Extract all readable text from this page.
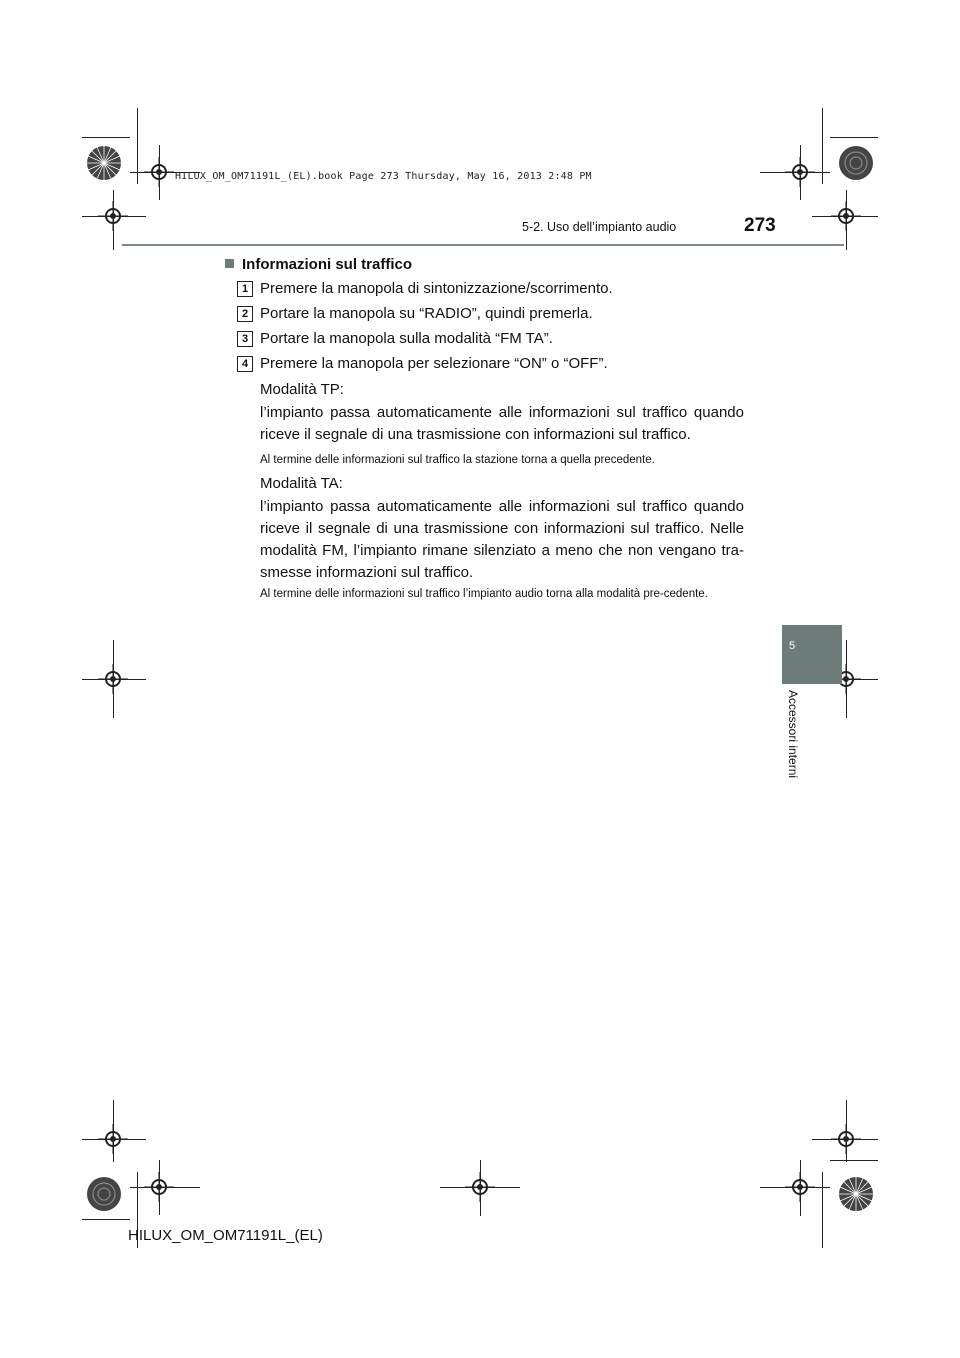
HILUX_OM_OM71191L_(EL).book Page 273 Thursday, May 16, 2013 2:48 PM
5-2. Uso dell’impianto audio	273
5
Accessori interni
Informazioni sul traffico
1 Premere la manopola di sintonizzazione/scorrimento.
2 Portare la manopola su “RADIO”, quindi premerla.
3 Portare la manopola sulla modalità “FM TA”.
4 Premere la manopola per selezionare “ON” o “OFF”.
Modalità TP:
l’impianto passa automaticamente alle informazioni sul traffico quando riceve il segnale di una trasmissione con informazioni sul traffico.
Al termine delle informazioni sul traffico la stazione torna a quella precedente.
Modalità TA:
l’impianto passa automaticamente alle informazioni sul traffico quando riceve il segnale di una trasmissione con informazioni sul traffico. Nelle modalità FM, l’impianto rimane silenziato a meno che non vengano tra-smesse informazioni sul traffico.
Al termine delle informazioni sul traffico l’impianto audio torna alla modalità pre-cedente.
HILUX_OM_OM71191L_(EL)
